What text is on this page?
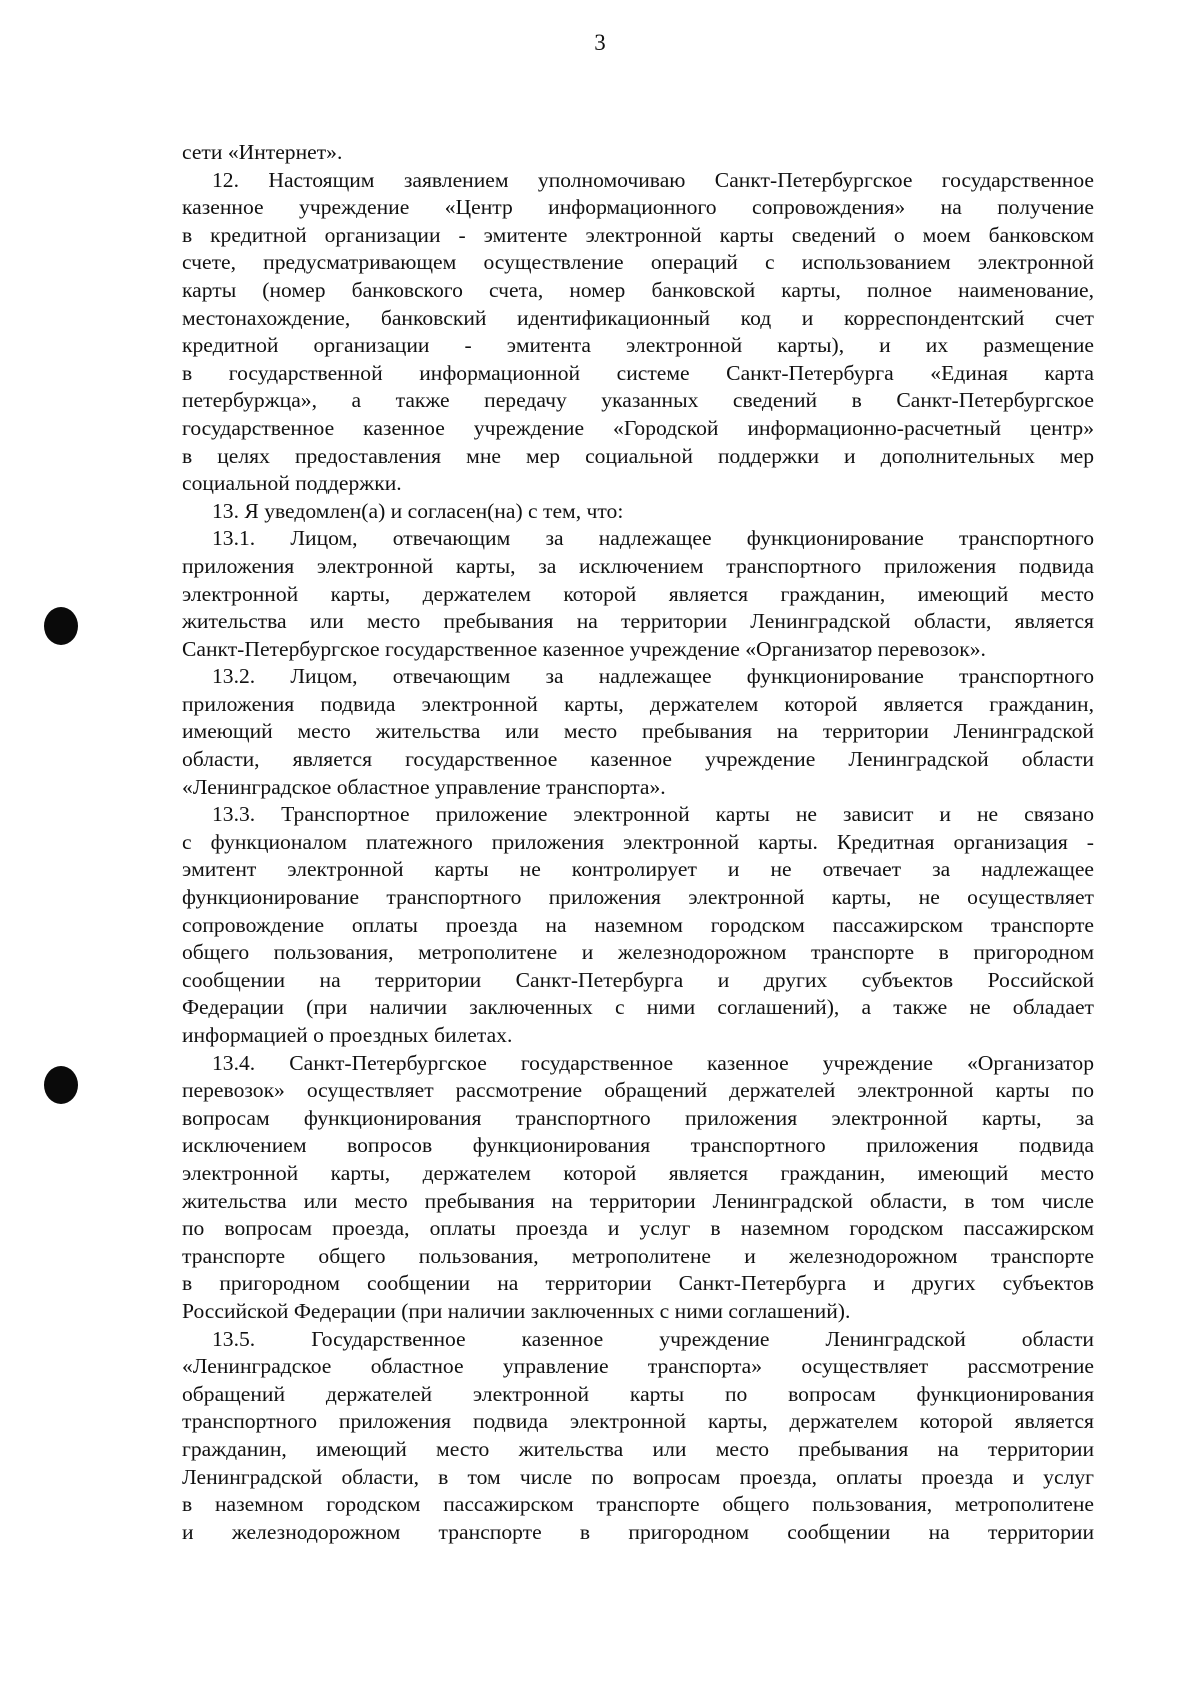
3

сети «Интернет».

12. Настоящим заявлением уполномочиваю Санкт-Петербургское государственное
казенное учреждение «Центр информационного сопровождения» на получение
в кредитной организации - эмитенте электронной карты сведений о моем банковском
счете, предусматривающем осуществление операций с использованием электронной
карты (номер банковского счета, номер банковской карты, полное наименование,
местонахождение, банковский идентификационный код и корреспондентский счет
кредитной организации - эмитента электронной карты), и их размещение
в государственной информационной системе Санкт-Петербурга «Единая карта
петербуржца», а также передачу указанных сведений в Санкт-Петербургское
государственное казенное учреждение «Городской информационно-расчетный центр»
в целях предоставления мне мер социальной поддержки и дополнительных мер
социальной поддержки.

13. Я уведомлен(а) и согласен(на) с тем, что:

13.1. Лицом, отвечающим за надлежащее функционирование транспортного
приложения электронной карты, за исключением транспортного приложения подвида
электронной карты, держателем которой является гражданин, имеющий место
жительства или место пребывания на территории Ленинградской области, является
Санкт-Петербургское государственное казенное учреждение «Организатор перевозок».

13.2. Лицом, отвечающим за надлежащее функционирование транспортного
приложения подвида электронной карты, держателем которой является гражданин,
имеющий место жительства или место пребывания на территории Ленинградской
области, является государственное казенное учреждение Ленинградской области
«Ленинградское областное управление транспорта».

13.3. Транспортное приложение электронной карты не зависит и не связано
с функционалом платежного приложения электронной карты. Кредитная организация -
эмитент электронной карты не контролирует и не отвечает за надлежащее
функционирование транспортного приложения электронной карты, не осуществляет
сопровождение оплаты проезда на наземном городском пассажирском транспорте
общего пользования, метрополитене и железнодорожном транспорте в пригородном
сообщении на территории Санкт-Петербурга и других субъектов Российской
Федерации (при наличии заключенных с ними соглашений), а также не обладает
информацией о проездных билетах.

13.4. Санкт-Петербургское государственное казенное учреждение «Организатор
перевозок» осуществляет рассмотрение обращений держателей электронной карты по
вопросам функционирования транспортного приложения электронной карты, за
исключением вопросов функционирования транспортного приложения подвида
электронной карты, держателем которой является гражданин, имеющий место
жительства или место пребывания на территории Ленинградской области, в том числе
по вопросам проезда, оплаты проезда и услуг в наземном городском пассажирском
транспорте общего пользования, метрополитене и железнодорожном транспорте
в пригородном сообщении на территории Санкт-Петербурга и других субъектов
Российской Федерации (при наличии заключенных с ними соглашений).

13.5. Государственное казенное учреждение Ленинградской области
«Ленинградское областное управление транспорта» осуществляет рассмотрение
обращений держателей электронной карты по вопросам функционирования
транспортного приложения подвида электронной карты, держателем которой является
гражданин, имеющий место жительства или место пребывания на территории
Ленинградской области, в том числе по вопросам проезда, оплаты проезда и услуг
в наземном городском пассажирском транспорте общего пользования, метрополитене
и железнодорожном транспорте в пригородном сообщении на территории
